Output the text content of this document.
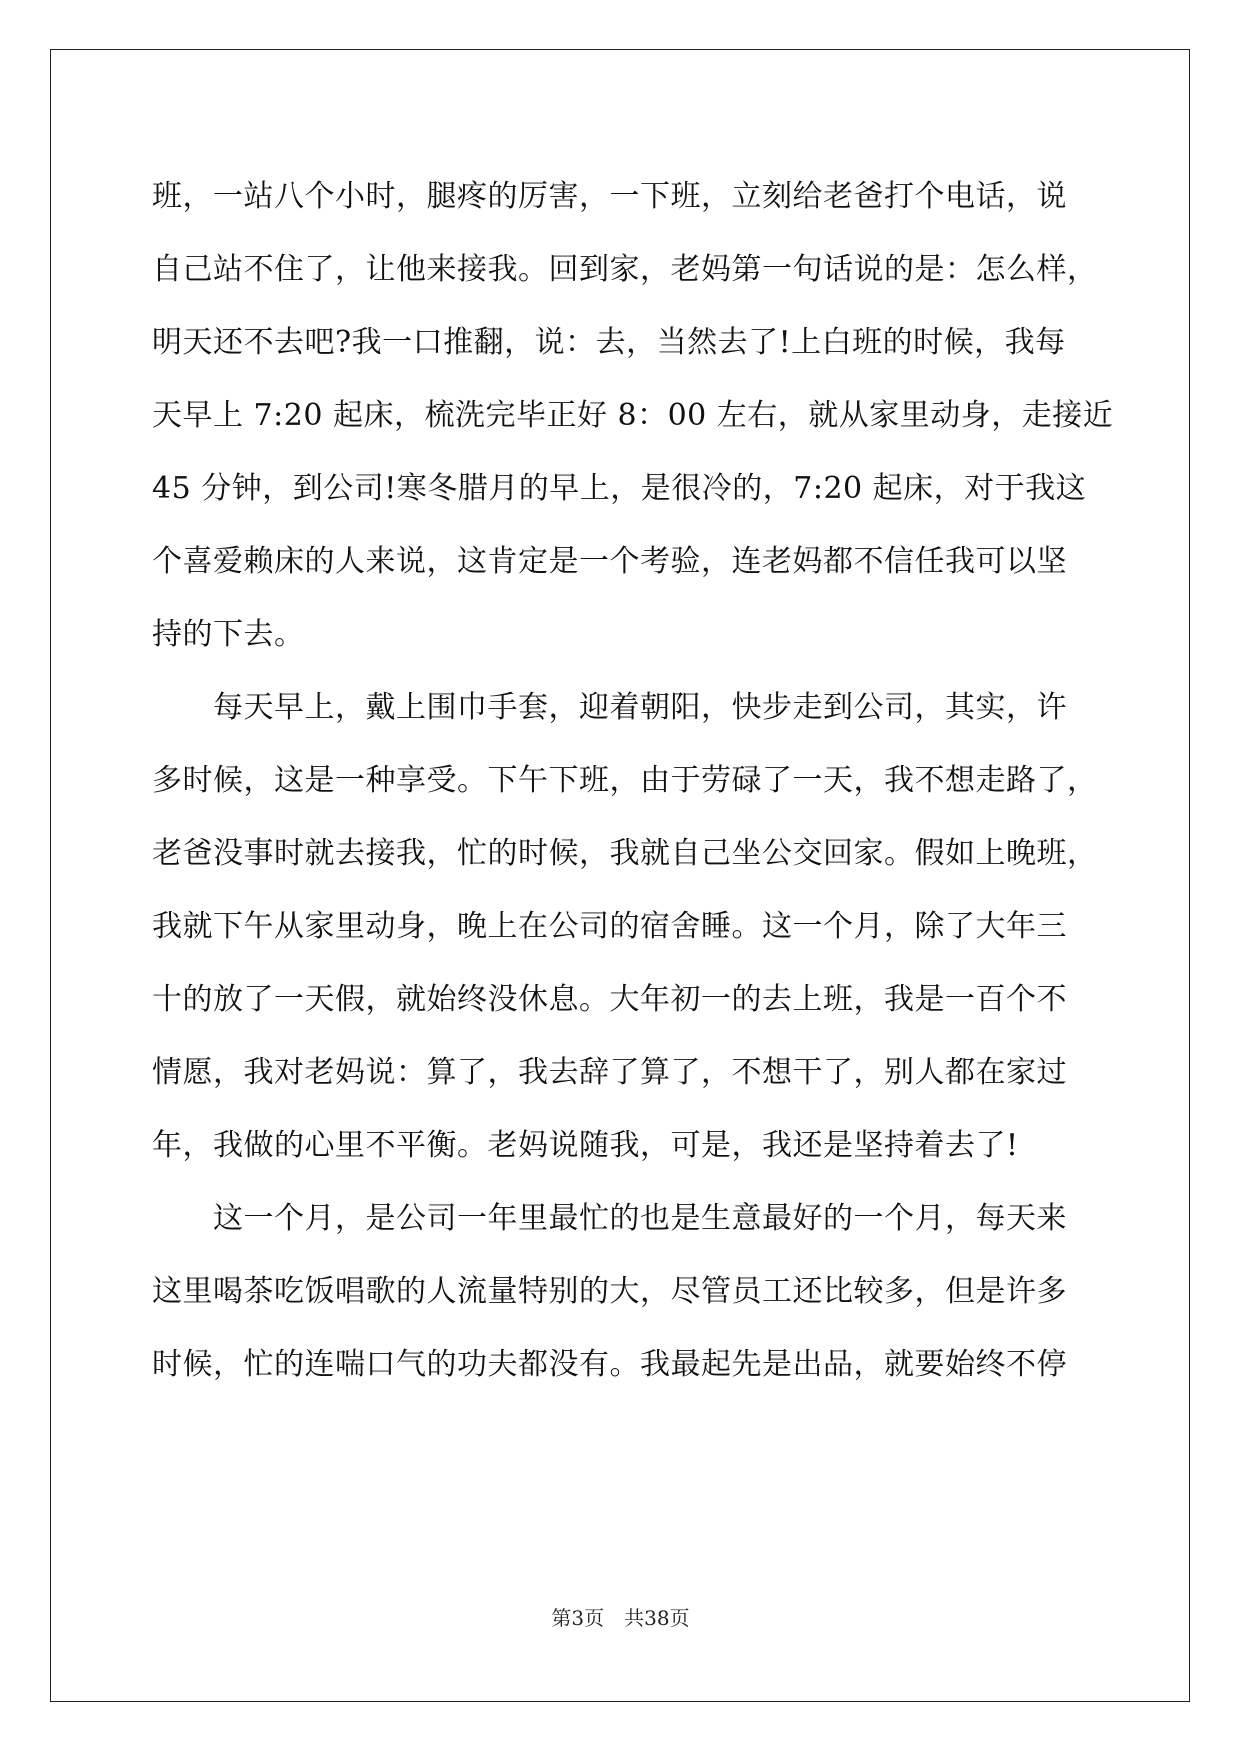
班，一站八个小时，腿疼的厉害，一下班，立刻给老爸打个电话，说
自己站不住了，让他来接我。回到家，老妈第一句话说的是：怎么样，
明天还不去吧?我一口推翻，说：去，当然去了!上白班的时候，我每
天早上 7:20 起床，梳洗完毕正好 8：00 左右，就从家里动身，走接近
45 分钟，到公司!寒冬腊月的早上，是很冷的，7:20 起床，对于我这
个喜爱赖床的人来说，这肯定是一个考验，连老妈都不信任我可以坚
持的下去。
每天早上，戴上围巾手套，迎着朝阳，快步走到公司，其实，许
多时候，这是一种享受。下午下班，由于劳碌了一天，我不想走路了，
老爸没事时就去接我，忙的时候，我就自己坐公交回家。假如上晚班，
我就下午从家里动身，晚上在公司的宿舍睡。这一个月，除了大年三
十的放了一天假，就始终没休息。大年初一的去上班，我是一百个不
情愿，我对老妈说：算了，我去辞了算了，不想干了，别人都在家过
年，我做的心里不平衡。老妈说随我，可是，我还是坚持着去了!
这一个月，是公司一年里最忙的也是生意最好的一个月，每天来
这里喝茶吃饭唱歌的人流量特别的大，尽管员工还比较多，但是许多
时候，忙的连喘口气的功夫都没有。我最起先是出品，就要始终不停
第3页 共38页
